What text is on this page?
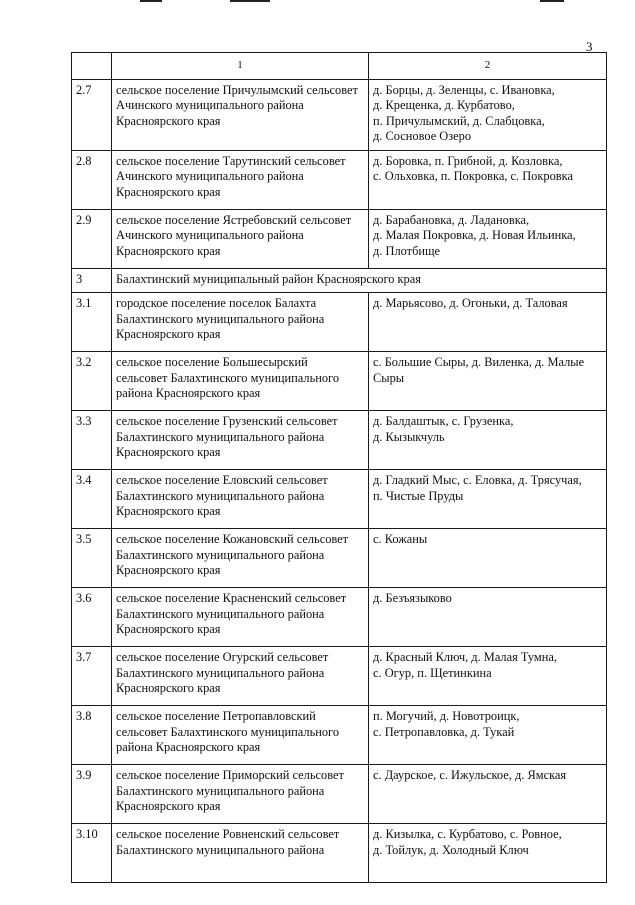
3
	1	2
2.7	сельское поселение Причулымский сельсовет
Ачинского муниципального района
Красноярского края	д. Борцы, д. Зеленцы, с. Ивановка,
д. Крещенка, д. Курбатово,
п. Причулымский, д. Слабцовка,
д. Сосновое Озеро
2.8	сельское поселение Тарутинский сельсовет
Ачинского муниципального района
Красноярского края	д. Боровка, п. Грибной, д. Козловка,
с. Ольховка, п. Покровка, с. Покровка
2.9	сельское поселение Ястребовский сельсовет
Ачинского муниципального района
Красноярского края	д. Барабановка, д. Ладановка,
д. Малая Покровка, д. Новая Ильинка,
д. Плотбище
3	Балахтинский муниципальный район Красноярского края	
3.1	городское поселение поселок Балахта
Балахтинского муниципального района
Красноярского края	д. Марьясово, д. Огоньки, д. Таловая
3.2	сельское поселение Большесырский
сельсовет Балахтинского муниципального
района Красноярского края	с. Большие Сыры, д. Виленка, д. Малые
Сыры
3.3	сельское поселение Грузенский сельсовет
Балахтинского муниципального района
Красноярского края	д. Балдаштык, с. Грузенка,
д. Кызыкчуль
3.4	сельское поселение Еловский сельсовет
Балахтинского муниципального района
Красноярского края	д. Гладкий Мыс, с. Еловка, д. Трясучая,
п. Чистые Пруды
3.5	сельское поселение Кожановский сельсовет
Балахтинского муниципального района
Красноярского края	с. Кожаны
3.6	сельское поселение Красненский сельсовет
Балахтинского муниципального района
Красноярского края	д. Безъязыково
3.7	сельское поселение Огурский сельсовет
Балахтинского муниципального района
Красноярского края	д. Красный Ключ, д. Малая Тумна,
с. Огур, п. Щетинкина
3.8	сельское поселение Петропавловский
сельсовет Балахтинского муниципального
района Красноярского края	п. Могучий, д. Новотроицк,
с. Петропавловка, д. Тукай
3.9	сельское поселение Приморский сельсовет
Балахтинского муниципального района
Красноярского края	с. Даурское, с. Ижульское, д. Ямская
3.10	сельское поселение Ровненский сельсовет
Балахтинского муниципального района	д. Кизылка, с. Курбатово, с. Ровное,
д. Тойлук, д. Холодный Ключ
